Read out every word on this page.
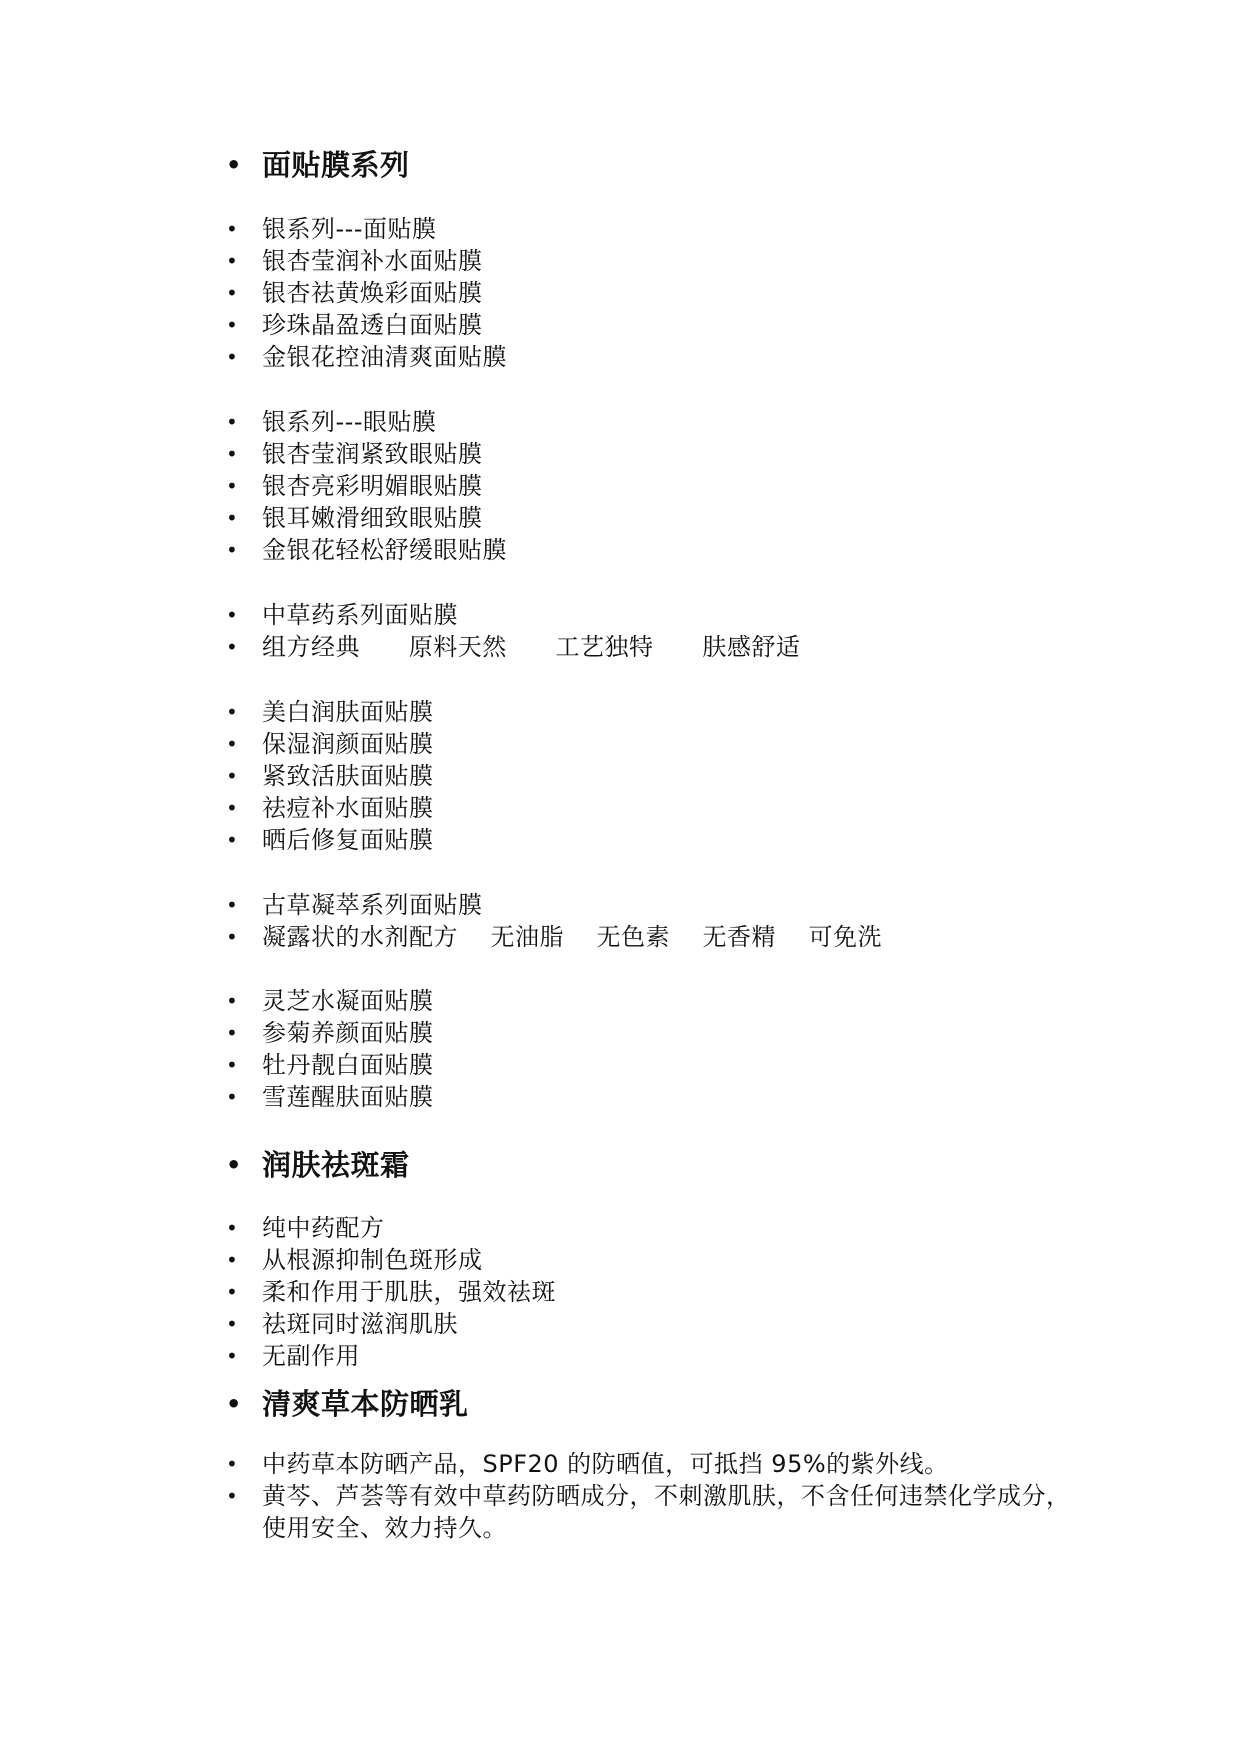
• 面贴膜系列
• 银系列---面贴膜
• 银杏莹润补水面贴膜
• 银杏祛黄焕彩面贴膜
• 珍珠晶盈透白面贴膜
• 金银花控油清爽面贴膜
• 银系列---眼贴膜
• 银杏莹润紧致眼贴膜
• 银杏亮彩明媚眼贴膜
• 银耳嫩滑细致眼贴膜
• 金银花轻松舒缓眼贴膜
• 中草药系列面贴膜
• 组方经典      原料天然      工艺独特      肤感舒适
• 美白润肤面贴膜
• 保湿润颜面贴膜
• 紧致活肤面贴膜
• 祛痘补水面贴膜
• 晒后修复面贴膜
• 古草凝萃系列面贴膜
• 凝露状的水剂配方    无油脂    无色素    无香精    可免洗
• 灵芝水凝面贴膜
• 参菊养颜面贴膜
• 牡丹靓白面贴膜
• 雪莲醒肤面贴膜
• 润肤祛斑霜
• 纯中药配方
• 从根源抑制色斑形成
• 柔和作用于肌肤，强效祛斑
• 祛斑同时滋润肌肤
• 无副作用
• 清爽草本防晒乳
• 中药草本防晒产品，SPF20 的防晒值，可抵挡 95%的紫外线。
• 黄芩、芦荟等有效中草药防晒成分，不刺激肌肤，不含任何违禁化学成分，使用安全、效力持久。
